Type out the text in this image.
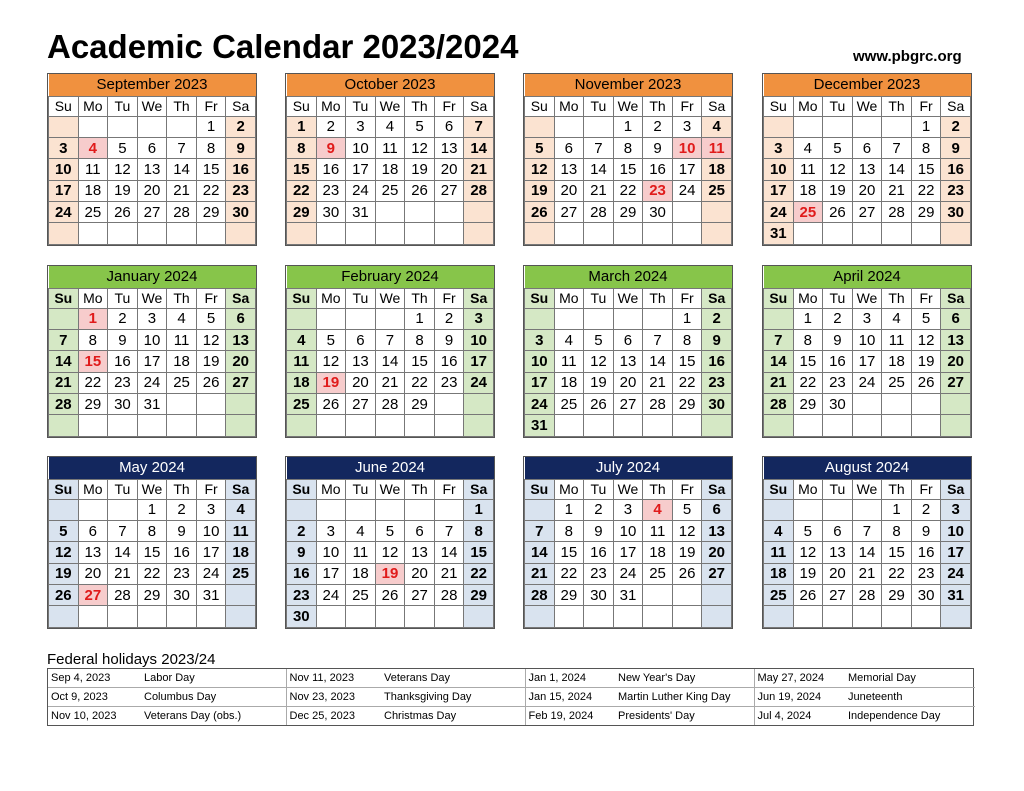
Academic Calendar 2023/2024	www.pbgrc.org
September 2023						
Su	Mo	Tu	We	Th	Fr	Sa
					1	2
3	4	5	6	7	8	9
10	11	12	13	14	15	16
17	18	19	20	21	22	23
24	25	26	27	28	29	30

October 2023						
Su	Mo	Tu	We	Th	Fr	Sa
1	2	3	4	5	6	7
8	9	10	11	12	13	14
15	16	17	18	19	20	21
22	23	24	25	26	27	28
29	30	31				

November 2023						
Su	Mo	Tu	We	Th	Fr	Sa
			1	2	3	4
5	6	7	8	9	10	11
12	13	14	15	16	17	18
19	20	21	22	23	24	25
26	27	28	29	30		

December 2023						
Su	Mo	Tu	We	Th	Fr	Sa
					1	2
3	4	5	6	7	8	9
10	11	12	13	14	15	16
17	18	19	20	21	22	23
24	25	26	27	28	29	30
31						
January 2024						
Su	Mo	Tu	We	Th	Fr	Sa
	1	2	3	4	5	6
7	8	9	10	11	12	13
14	15	16	17	18	19	20
21	22	23	24	25	26	27
28	29	30	31			

February 2024						
Su	Mo	Tu	We	Th	Fr	Sa
				1	2	3
4	5	6	7	8	9	10
11	12	13	14	15	16	17
18	19	20	21	22	23	24
25	26	27	28	29		

March 2024						
Su	Mo	Tu	We	Th	Fr	Sa
					1	2
3	4	5	6	7	8	9
10	11	12	13	14	15	16
17	18	19	20	21	22	23
24	25	26	27	28	29	30
31						
April 2024						
Su	Mo	Tu	We	Th	Fr	Sa
	1	2	3	4	5	6
7	8	9	10	11	12	13
14	15	16	17	18	19	20
21	22	23	24	25	26	27
28	29	30				

May 2024						
Su	Mo	Tu	We	Th	Fr	Sa
			1	2	3	4
5	6	7	8	9	10	11
12	13	14	15	16	17	18
19	20	21	22	23	24	25
26	27	28	29	30	31	

June 2024						
Su	Mo	Tu	We	Th	Fr	Sa
						1
2	3	4	5	6	7	8
9	10	11	12	13	14	15
16	17	18	19	20	21	22
23	24	25	26	27	28	29
30						
July 2024						
Su	Mo	Tu	We	Th	Fr	Sa
	1	2	3	4	5	6
7	8	9	10	11	12	13
14	15	16	17	18	19	20
21	22	23	24	25	26	27
28	29	30	31			

August 2024						
Su	Mo	Tu	We	Th	Fr	Sa
				1	2	3
4	5	6	7	8	9	10
11	12	13	14	15	16	17
18	19	20	21	22	23	24
25	26	27	28	29	30	31

Federal holidays 2023/24
Sep 4, 2023	Labor Day	Nov 11, 2023	Veterans Day	Jan 1, 2024	New Year's Day	May 27, 2024	Memorial Day
Oct 9, 2023	Columbus Day	Nov 23, 2023	Thanksgiving Day	Jan 15, 2024	Martin Luther King Day	Jun 19, 2024	Juneteenth
Nov 10, 2023	Veterans Day (obs.)	Dec 25, 2023	Christmas Day	Feb 19, 2024	Presidents' Day	Jul 4, 2024	Independence Day
